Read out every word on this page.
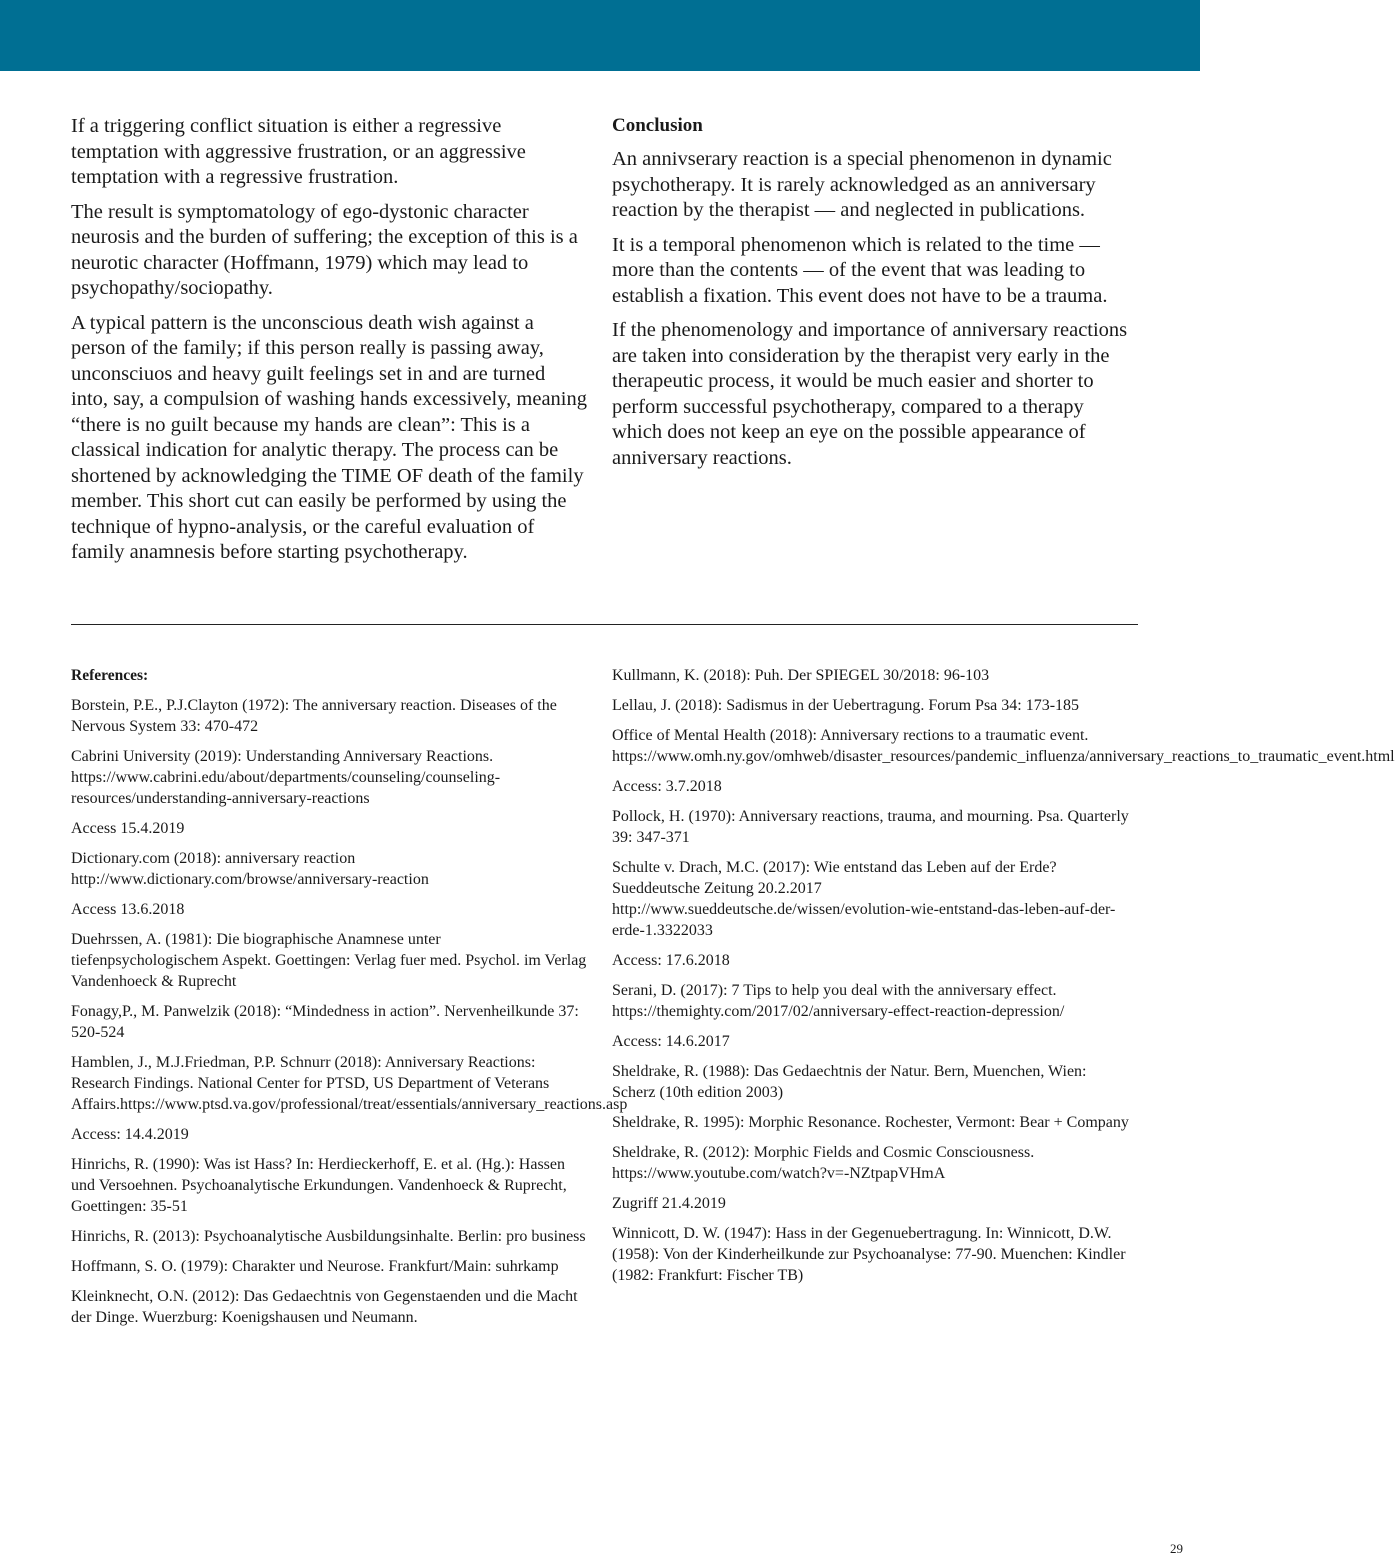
If a triggering conflict situation is either a regressive temptation with aggressive frustration, or an aggressive temptation with a regressive frustration.

The result is symptomatology of ego-dystonic character neurosis and the burden of suffering; the exception of this is a neurotic character (Hoffmann, 1979) which may lead to psychopathy/sociopathy.

A typical pattern is the unconscious death wish against a person of the family; if this person really is passing away, unconsciuos and heavy guilt feelings set in and are turned into, say, a compulsion of washing hands excessively, meaning “there is no guilt because my hands are clean”: This is a classical indication for analytic therapy. The process can be shortened by acknowledging the TIME OF death of the family member. This short cut can easily be performed by using the technique of hypno-analysis, or the careful evaluation of family anamnesis before starting psychotherapy.

Conclusion

An annivserary reaction is a special phenomenon in dynamic psychotherapy. It is rarely acknowledged as an anniversary reaction by the therapist — and neglected in publications.

It is a temporal phenomenon which is related to the time — more than the contents — of the event that was leading to establish a fixation. This event does not have to be a trauma.

If the phenomenology and importance of anniversary reactions are taken into consideration by the therapist very early in the therapeutic process, it would be much easier and shorter to perform successful psychotherapy, compared to a therapy which does not keep an eye on the possible appearance of anniversary reactions.

References:
Borstein, P.E., P.J.Clayton (1972): The anniversary reaction. Diseases of the Nervous System 33: 470-472
Cabrini University (2019): Understanding Anniversary Reactions.
https://www.cabrini.edu/about/departments/counseling/counseling-resources/understanding-anniversary-reactions
Access 15.4.2019
Dictionary.com (2018): anniversary reaction
http://www.dictionary.com/browse/anniversary-reaction
Access 13.6.2018
Duehrssen, A. (1981): Die biographische Anamnese unter tiefenpsychologischem Aspekt. Goettingen: Verlag fuer med. Psychol. im Verlag Vandenhoeck & Ruprecht
Fonagy,P., M. Panwelzik (2018): “Mindedness in action”. Nervenheilkunde 37: 520-524
Hamblen, J., M.J.Friedman, P.P. Schnurr (2018): Anniversary Reactions: Research Findings. National Center for PTSD, US Department of Veterans Affairs.https://www.ptsd.va.gov/professional/treat/essentials/anniversary_reactions.asp
Access: 14.4.2019
Hinrichs, R. (1990): Was ist Hass? In: Herdieckerhoff, E. et al. (Hg.): Hassen und Versoehnen. Psychoanalytische Erkundungen. Vandenhoeck & Ruprecht, Goettingen: 35-51
Hinrichs, R. (2013): Psychoanalytische Ausbildungsinhalte. Berlin: pro business
Hoffmann, S. O. (1979): Charakter und Neurose. Frankfurt/Main: suhrkamp
Kleinknecht, O.N. (2012): Das Gedaechtnis von Gegenstaenden und die Macht der Dinge. Wuerzburg: Koenigshausen und Neumann.
Kullmann, K. (2018): Puh. Der SPIEGEL 30/2018: 96-103
Lellau, J. (2018): Sadismus in der Uebertragung. Forum Psa 34: 173-185
Office of Mental Health (2018): Anniversary rections to a traumatic event.
https://www.omh.ny.gov/omhweb/disaster_resources/pandemic_influenza/anniversary_reactions_to_traumatic_event.html
Access: 3.7.2018
Pollock, H. (1970): Anniversary reactions, trauma, and mourning. Psa. Quarterly 39: 347-371
Schulte v. Drach, M.C. (2017): Wie entstand das Leben auf der Erde? Sueddeutsche Zeitung 20.2.2017
http://www.sueddeutsche.de/wissen/evolution-wie-entstand-das-leben-auf-der-erde-1.3322033
Access: 17.6.2018
Serani, D. (2017): 7 Tips to help you deal with the anniversary effect.
https://themighty.com/2017/02/anniversary-effect-reaction-depression/
Access: 14.6.2017
Sheldrake, R. (1988): Das Gedaechtnis der Natur. Bern, Muenchen, Wien: Scherz (10th edition 2003)
Sheldrake, R. 1995): Morphic Resonance. Rochester, Vermont: Bear + Company
Sheldrake, R. (2012): Morphic Fields and Cosmic Consciousness.
https://www.youtube.com/watch?v=-NZtpapVHmA
Zugriff 21.4.2019
Winnicott, D. W. (1947): Hass in der Gegenuebertragung. In: Winnicott, D.W. (1958): Von der Kinderheilkunde zur Psychoanalyse: 77-90. Muenchen: Kindler (1982: Frankfurt: Fischer TB)
29
